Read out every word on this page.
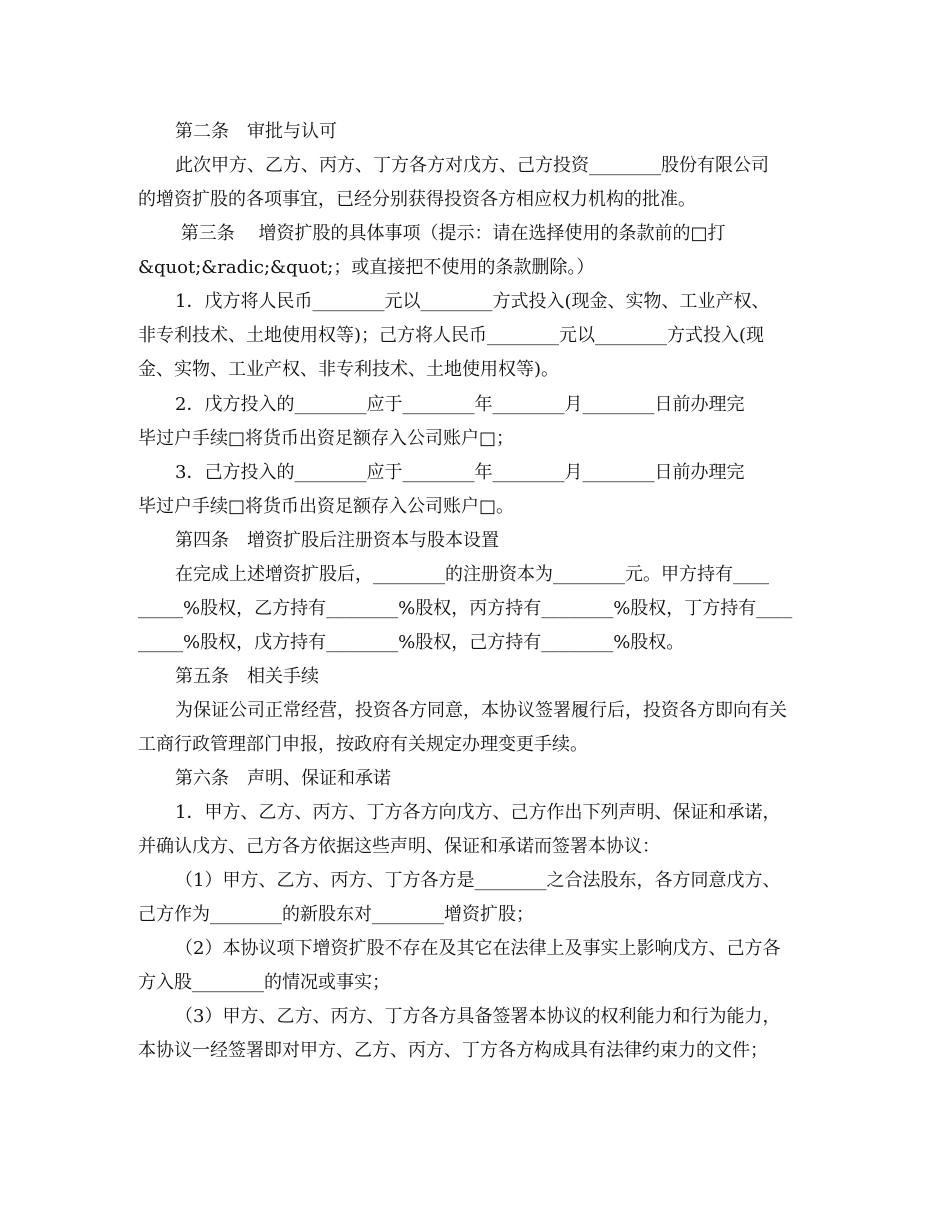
第二条　审批与认可
此次甲方、乙方、丙方、丁方各方对戊方、己方投资________股份有限公司
的增资扩股的各项事宜，已经分别获得投资各方相应权力机构的批准。
第三条　 增资扩股的具体事项（提示：请在选择使用的条款前的□打
&quot;&radic;&quot;；或直接把不使用的条款删除。）
1．戊方将人民币________元以________方式投入(现金、实物、工业产权、
非专利技术、土地使用权等)；己方将人民币________元以________方式投入(现
金、实物、工业产权、非专利技术、土地使用权等)。
2．戊方投入的________应于________年________月________日前办理完
毕过户手续□将货币出资足额存入公司账户□；
3．己方投入的________应于________年________月________日前办理完
毕过户手续□将货币出资足额存入公司账户□。
第四条　增资扩股后注册资本与股本设置
在完成上述增资扩股后，________的注册资本为________元。甲方持有____
_____%股权，乙方持有________%股权，丙方持有________%股权，丁方持有____
_____%股权，戊方持有________%股权，己方持有________%股权。
第五条　相关手续
为保证公司正常经营，投资各方同意，本协议签署履行后，投资各方即向有关
工商行政管理部门申报，按政府有关规定办理变更手续。
第六条　声明、保证和承诺
1．甲方、乙方、丙方、丁方各方向戊方、己方作出下列声明、保证和承诺，
并确认戊方、己方各方依据这些声明、保证和承诺而签署本协议：
（1）甲方、乙方、丙方、丁方各方是________之合法股东，各方同意戊方、
己方作为________的新股东对________增资扩股；
（2）本协议项下增资扩股不存在及其它在法律上及事实上影响戊方、己方各
方入股________的情况或事实；
（3）甲方、乙方、丙方、丁方各方具备签署本协议的权利能力和行为能力，
本协议一经签署即对甲方、乙方、丙方、丁方各方构成具有法律约束力的文件；
